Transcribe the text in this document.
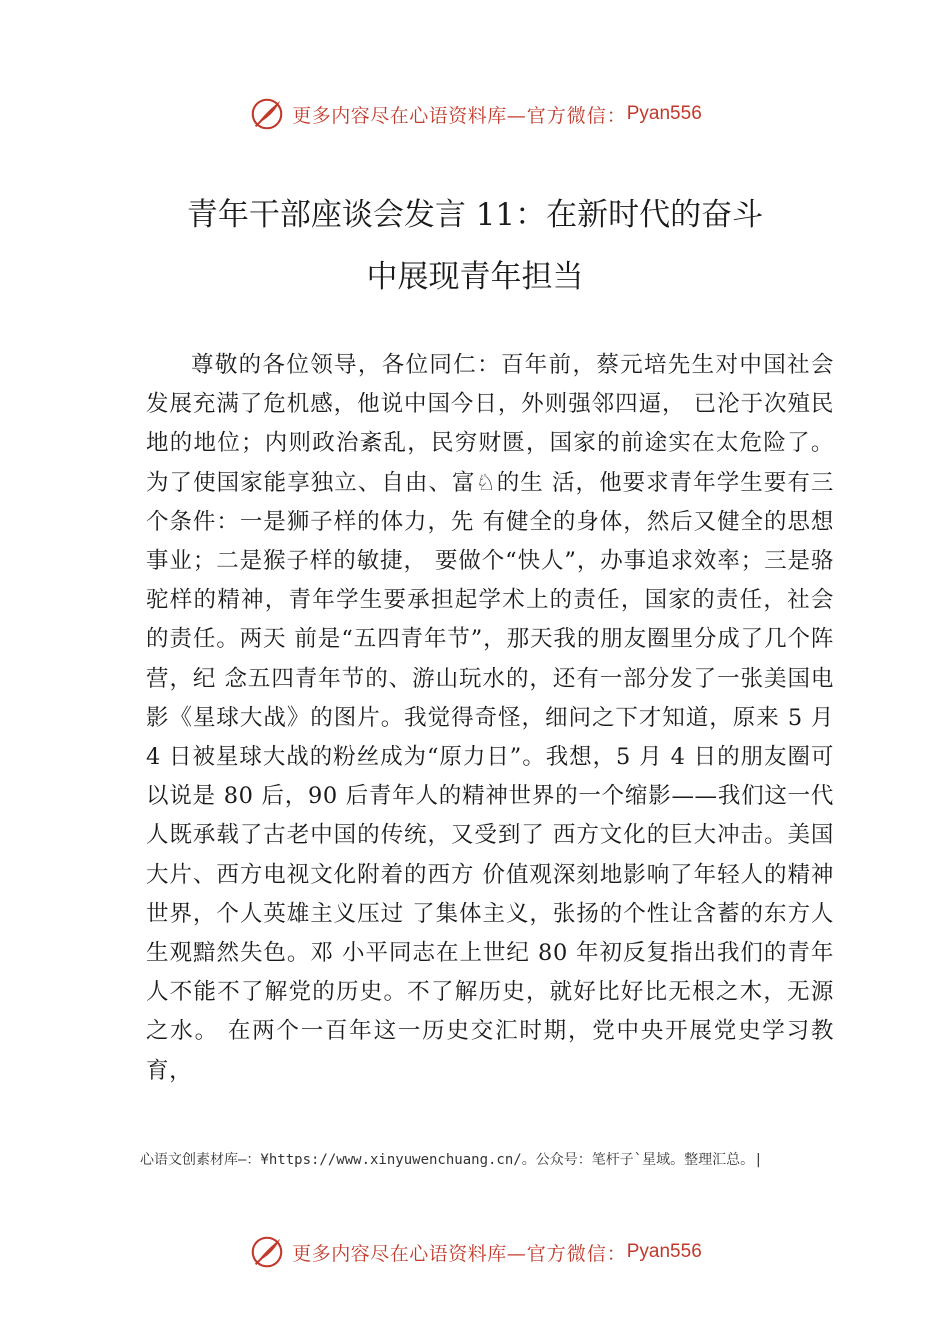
更多内容尽在心语资料库 —官方微信： Pyan556
青年干部座谈会发言 11：在新时代的奋斗
中展现青年担当

尊敬的各位领导，各位同仁：百年前，蔡元培先生对中国社会发展充满了危机感，他说中国今日，外则强邻四逼， 已沦于次殖民地的地位；内则政治紊乱，民穷财匮，国家的前途实在太危险了。为了使国家能享独立、自由、富♘的生 活，他要求青年学生要有三个条件：一是狮子样的体力，先 有健全的身体，然后又健全的思想事业；二是猴子样的敏捷， 要做个“快人”，办事追求效率；三是骆驼样的精神，青年学生要承担起学术上的责任，国家的责任，社会的责任。两天 前是“五四青年节”，那天我的朋友圈里分成了几个阵营，纪 念五四青年节的、游山玩水的，还有一部分发了一张美国电 影《星球大战》的图片。我觉得奇怪，细问之下才知道，原来 5 月 4 日被星球大战的粉丝成为“原力日”。我想，5 月 4 日的朋友圈可以说是 80 后，90 后青年人的精神世界的一个缩影——我们这一代人既承载了古老中国的传统，又受到了 西方文化的巨大冲击。美国大片、西方电视文化附着的西方 价值观深刻地影响了年轻人的精神世界，个人英雄主义压过 了集体主义，张扬的个性让含蓄的东方人生观黯然失色。邓 小平同志在上世纪 80 年初反复指出我们的青年人不能不了解党的历史。不了解历史，就好比好比无根之木，无源之水。 在两个一百年这一历史交汇时期，党中央开展党史学习教育，

心语文创素材库—：¥https://www.xinyuwenchuang.cn/。公众号：笔杆子`星域。整理汇总。|

更多内容尽在心语资料库 —官方微信： Pyan556
